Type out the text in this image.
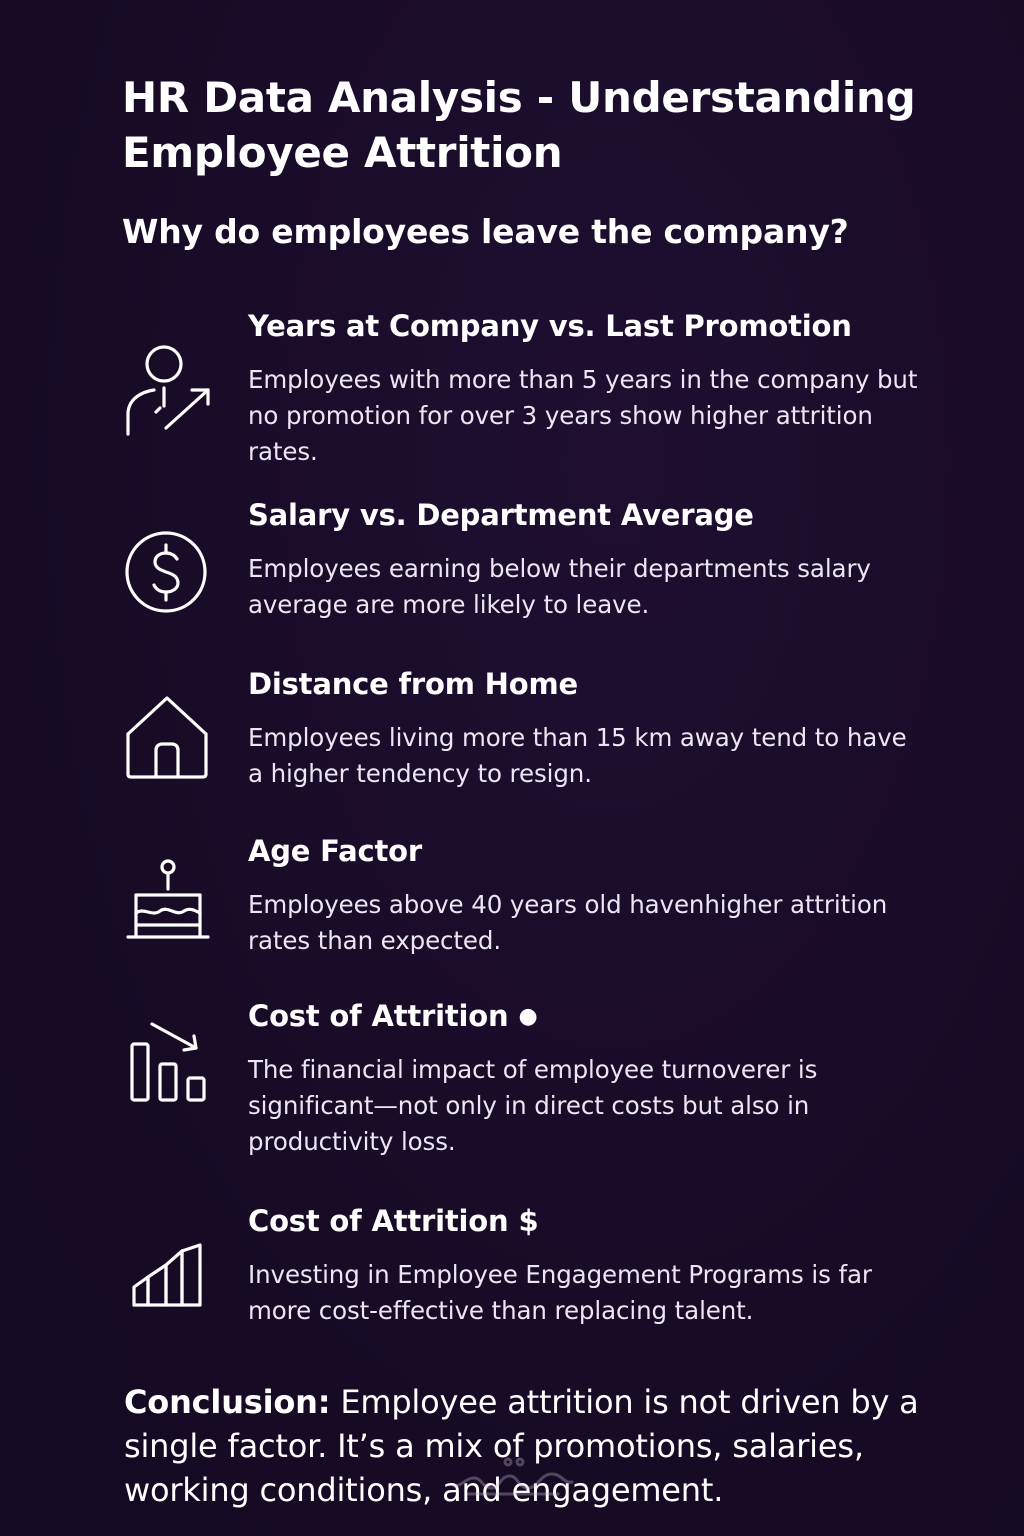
HR Data Analysis - Understanding Employee Attrition
Why do employees leave the company?
Years at Company vs. Last Promotion

Employees with more than 5 years in the company but no promotion for over 3 years show higher attrition rates.

Salary vs. Department Average

Employees earning below their departments salary average are more likely to leave.

Distance from Home

Employees living more than 15 km away tend to have a higher tendency to resign.

Age Factor

Employees above 40 years old havenhigher attrition rates than expected.

Cost of Attrition ●

The financial impact of employee turnoverer is significant—not only in direct costs but also in productivity loss.

Cost of Attrition $

Investing in Employee Engagement Programs is far more cost-effective than replacing talent.

Conclusion: Employee attrition is not driven by a single factor. It’s a mix of promotions, salaries, working conditions, and engagement.
